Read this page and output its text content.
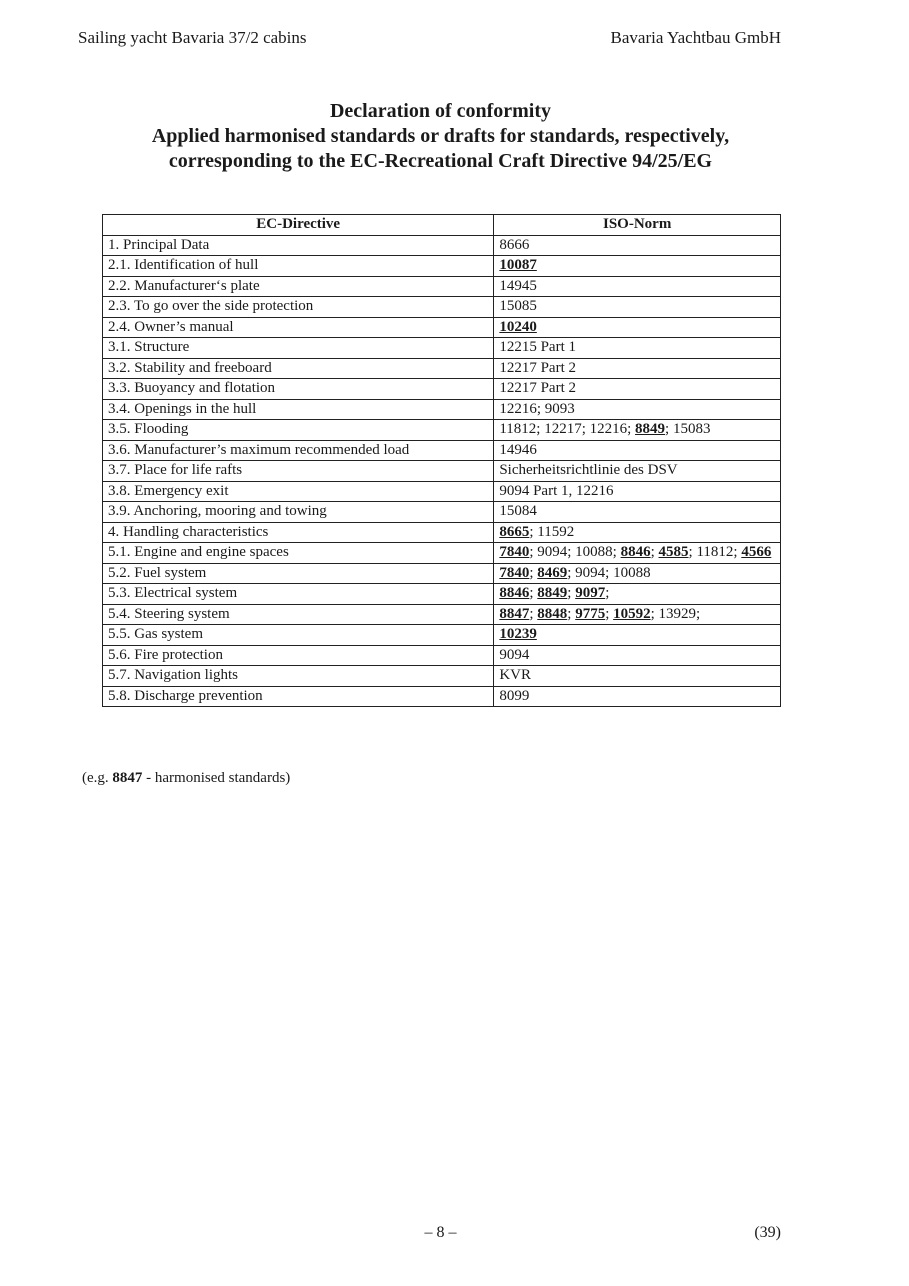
Sailing yacht Bavaria 37/2 cabins	Bavaria Yachtbau GmbH
Declaration of conformity
Applied harmonised standards or drafts for standards, respectively,
corresponding to the EC-Recreational Craft Directive 94/25/EG
EC-Directive	ISO-Norm
1. Principal Data	8666
2.1. Identification of hull	10087
2.2. Manufacturer‘s plate	14945
2.3. To go over the side protection	15085
2.4. Owner’s manual	10240
3.1. Structure	12215 Part 1
3.2. Stability and freeboard	12217 Part 2
3.3. Buoyancy and flotation	12217 Part 2
3.4. Openings in the hull	12216; 9093
3.5. Flooding	11812; 12217; 12216; 8849; 15083
3.6. Manufacturer’s maximum recommended load	14946
3.7. Place for life rafts	Sicherheitsrichtlinie des DSV
3.8. Emergency exit	9094 Part 1, 12216
3.9. Anchoring, mooring and towing	15084
4. Handling characteristics	8665; 11592
5.1. Engine and engine spaces	7840; 9094; 10088; 8846; 4585; 11812; 4566
5.2. Fuel system	7840; 8469; 9094; 10088
5.3. Electrical system	8846; 8849; 9097;
5.4. Steering system	8847; 8848; 9775; 10592; 13929;
5.5. Gas system	10239
5.6. Fire protection	9094
5.7. Navigation lights	KVR
5.8. Discharge prevention	8099
(e.g. 8847 - harmonised standards)
– 8 –	(39)
